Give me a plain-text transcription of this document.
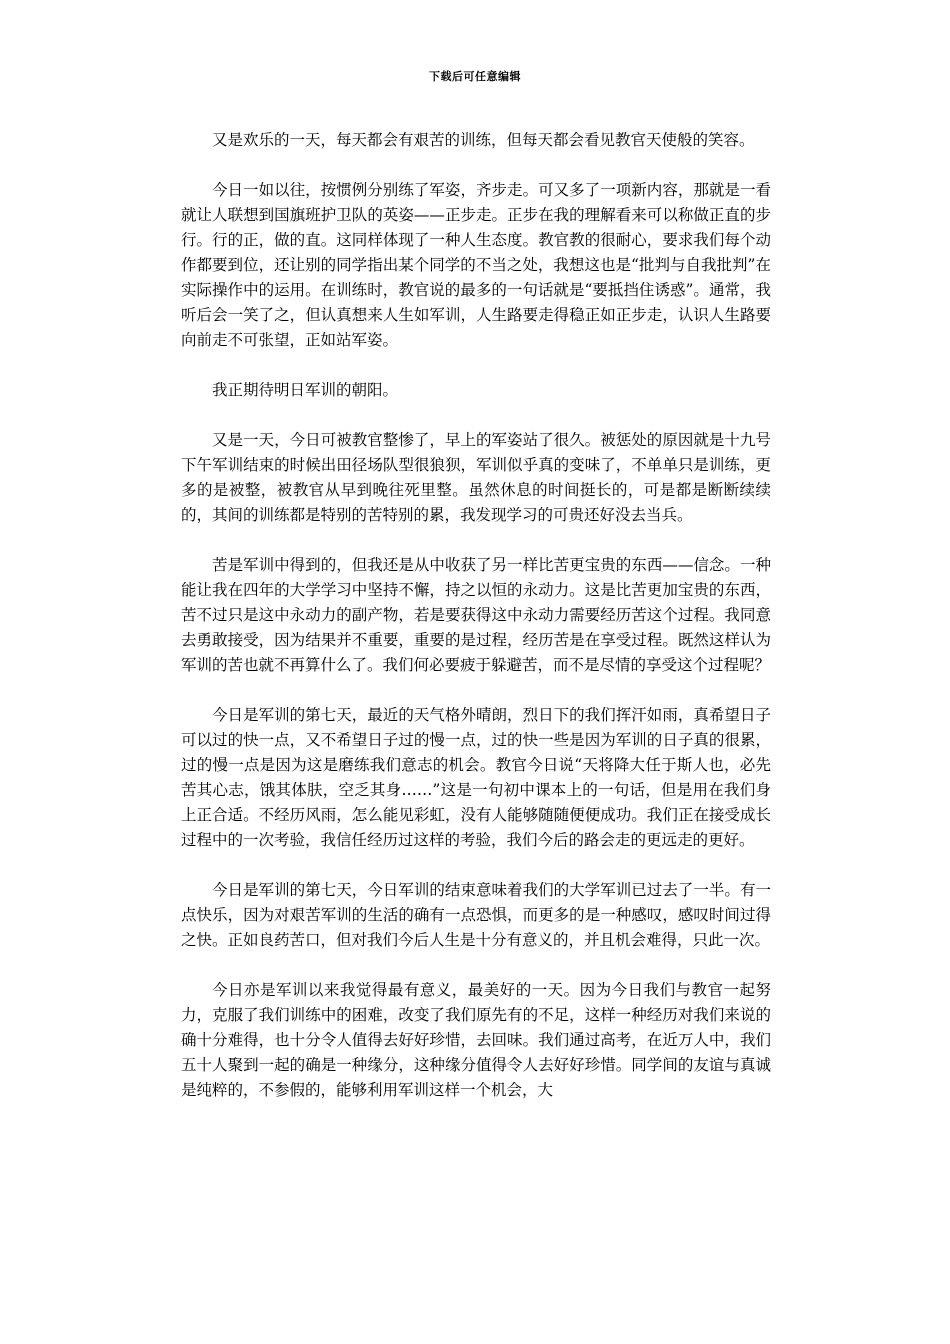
下载后可任意编辑

又是欢乐的一天，每天都会有艰苦的训练，但每天都会看见教官天使般的笑容。

今日一如以往，按惯例分别练了军姿，齐步走。可又多了一项新内容，那就是一看就让人联想到国旗班护卫队的英姿——正步走。正步在我的理解看来可以称做正直的步行。行的正，做的直。这同样体现了一种人生态度。教官教的很耐心，要求我们每个动作都要到位，还让别的同学指出某个同学的不当之处，我想这也是“批判与自我批判”在实际操作中的运用。在训练时，教官说的最多的一句话就是“要抵挡住诱惑”。通常，我听后会一笑了之，但认真想来人生如军训，人生路要走得稳正如正步走，认识人生路要向前走不可张望，正如站军姿。

我正期待明日军训的朝阳。

又是一天，今日可被教官整惨了，早上的军姿站了很久。被惩处的原因就是十九号下午军训结束的时候出田径场队型很狼狈，军训似乎真的变味了，不单单只是训练，更多的是被整，被教官从早到晚往死里整。虽然休息的时间挺长的，可是都是断断续续的，其间的训练都是特别的苦特别的累，我发现学习的可贵还好没去当兵。

苦是军训中得到的，但我还是从中收获了另一样比苦更宝贵的东西——信念。一种能让我在四年的大学学习中坚持不懈，持之以恒的永动力。这是比苦更加宝贵的东西，苦不过只是这中永动力的副产物，若是要获得这中永动力需要经历苦这个过程。我同意去勇敢接受，因为结果并不重要，重要的是过程，经历苦是在享受过程。既然这样认为军训的苦也就不再算什么了。我们何必要疲于躲避苦，而不是尽情的享受这个过程呢？

今日是军训的第七天，最近的天气格外晴朗，烈日下的我们挥汗如雨，真希望日子可以过的快一点，又不希望日子过的慢一点，过的快一些是因为军训的日子真的很累，过的慢一点是因为这是磨练我们意志的机会。教官今日说“天将降大任于斯人也，必先苦其心志，饿其体肤，空乏其身……”这是一句初中课本上的一句话，但是用在我们身上正合适。不经历风雨，怎么能见彩虹，没有人能够随随便便成功。我们正在接受成长过程中的一次考验，我信任经历过这样的考验，我们今后的路会走的更远走的更好。

今日是军训的第七天，今日军训的结束意味着我们的大学军训已过去了一半。有一点快乐，因为对艰苦军训的生活的确有一点恐惧，而更多的是一种感叹，感叹时间过得之快。正如良药苦口，但对我们今后人生是十分有意义的，并且机会难得，只此一次。

今日亦是军训以来我觉得最有意义，最美好的一天。因为今日我们与教官一起努力，克服了我们训练中的困难，改变了我们原先有的不足，这样一种经历对我们来说的确十分难得，也十分令人值得去好好珍惜，去回味。我们通过高考，在近万人中，我们五十人聚到一起的确是一种缘分，这种缘分值得令人去好好珍惜。同学间的友谊与真诚是纯粹的，不参假的，能够利用军训这样一个机会，大
